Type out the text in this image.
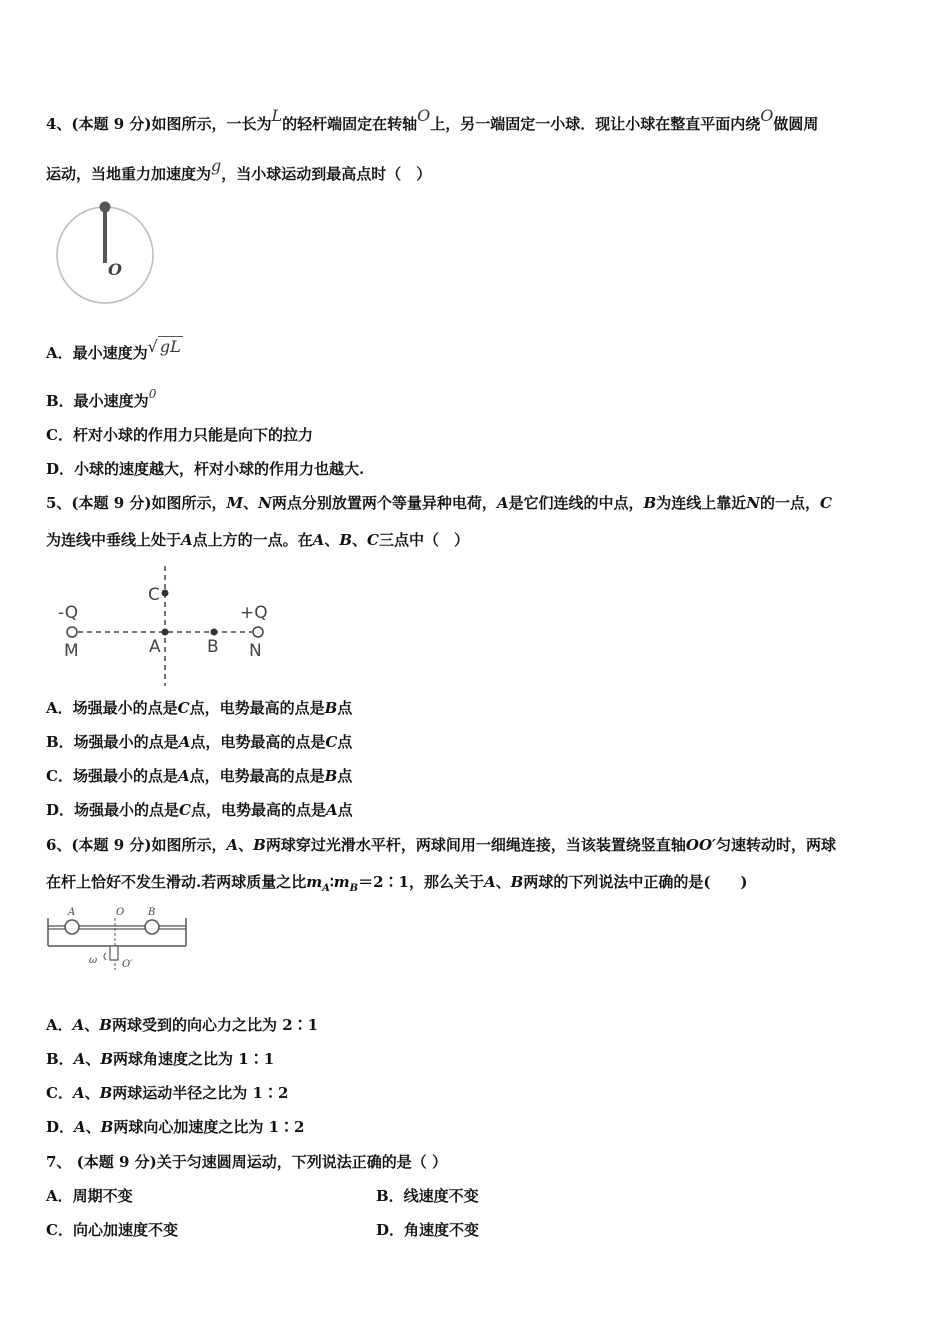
4、(本题 9 分)如图所示，一长为L的轻杆端固定在转轴O上，另一端固定一小球．现让小球在整直平面内绕O做圆周
运动，当地重力加速度为g，当小球运动到最高点时（　）
O
A．最小速度为√ gL
B．最小速度为$^0$
C．杆对小球的作用力只能是向下的拉力
D．小球的速度越大，杆对小球的作用力也越大.
5、(本题 9 分)如图所示，M、N两点分别放置两个等量异种电荷，A是它们连线的中点，B为连线上靠近N的一点，C
为连线中垂线上处于A点上方的一点。在A、B、C三点中（　）
-Q	+Q
M	A	B N
C
A．场强最小的点是C点，电势最高的点是B点
B．场强最小的点是A点，电势最高的点是C点
C．场强最小的点是A点，电势最高的点是B点
D．场强最小的点是C点，电势最高的点是A点
6、(本题 9 分)如图所示，A、B两球穿过光滑水平杆，两球间用一细绳连接，当该装置绕竖直轴OO′匀速转动时，两球
在杆上恰好不发生滑动.若两球质量之比$m_A∶m_B=2∶1$，那么关于A、B两球的下列说法中正确的是(　　)
A	O B
ω O′
A．A、B两球受到的向心力之比为 2∶1
B．A、B两球角速度之比为 1∶1
C．A、B两球运动半径之比为 1∶2
D．A、B两球向心加速度之比为 1∶2
7、 (本题 9 分)关于匀速圆周运动，下列说法正确的是（ ）
A．周期不变	B．线速度不变
C．向心加速度不变	D．角速度不变
